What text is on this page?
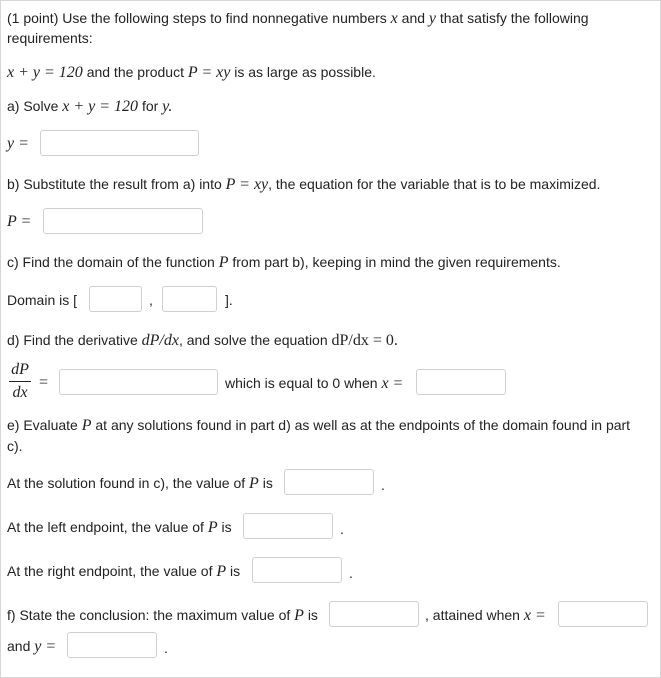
(1 point) Use the following steps to find nonnegative numbers x and y that satisfy the following
requirements:
x + y = 120 and the product P = xy is as large as possible.
a) Solve x + y = 120 for y.
y =
b) Substitute the result from a) into P = xy, the equation for the variable that is to be maximized.
P =
c) Find the domain of the function P from part b), keeping in mind the given requirements.
Domain is [	,	].
d) Find the derivative dP/dx, and solve the equation dP/dx = 0.
dP
dx
=	which is equal to 0 when x =
e) Evaluate P at any solutions found in part d) as well as at the endpoints of the domain found in part c).
At the solution found in c), the value of P is	.
At the left endpoint, the value of P is	.
At the right endpoint, the value of P is	.
f) State the conclusion: the maximum value of P is	, attained when x =
and y =	.
